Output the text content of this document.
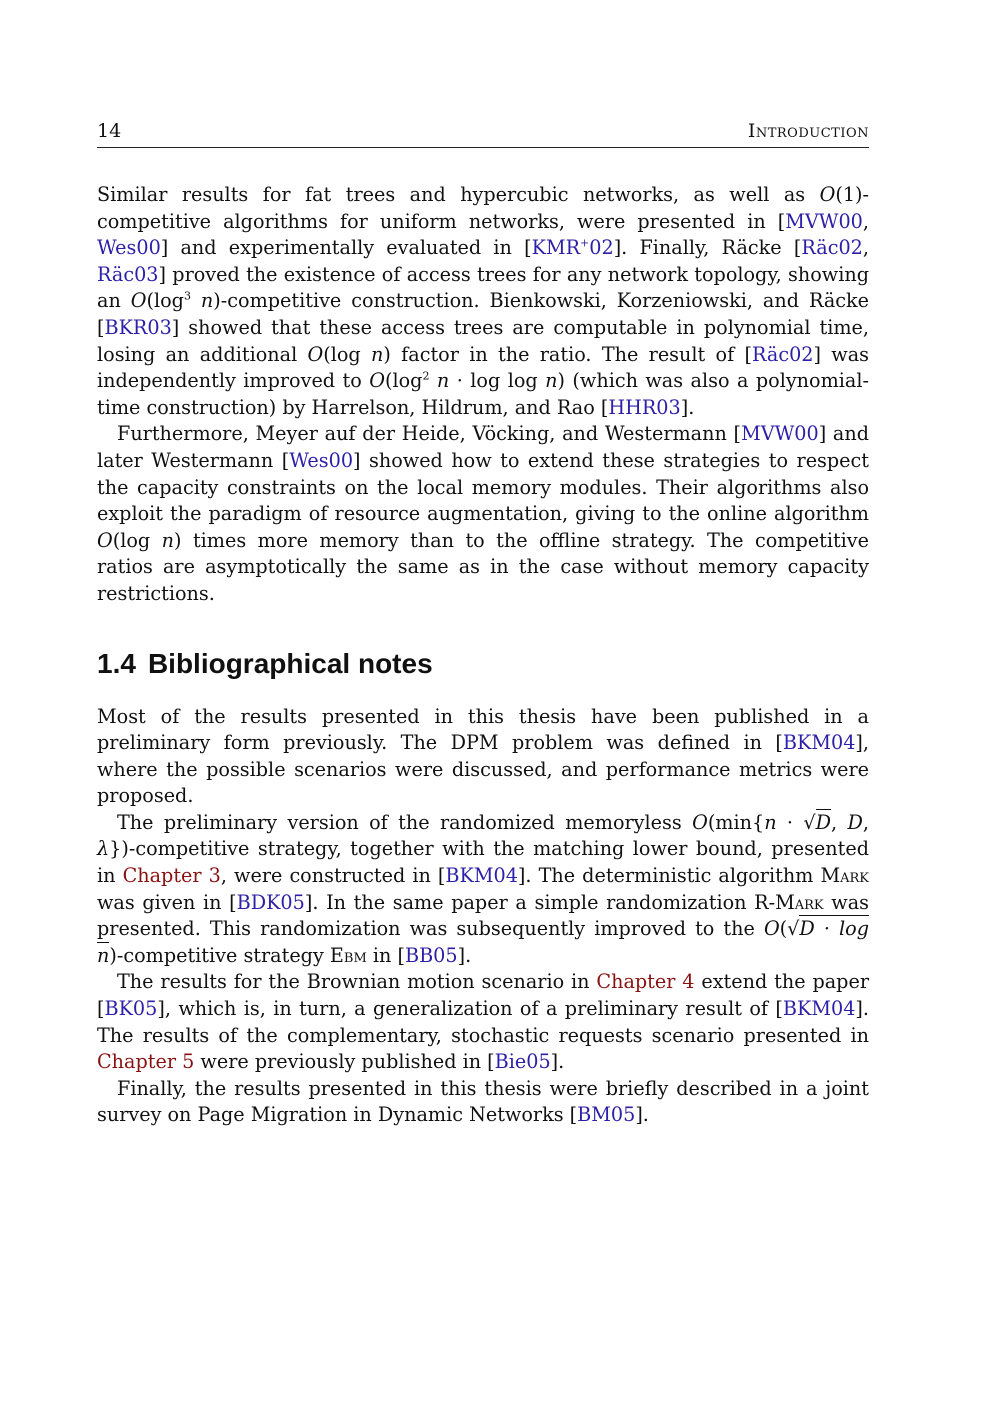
14	Introduction

Similar results for fat trees and hypercubic networks, as well as O(1)-competitive algorithms for uniform networks, were presented in [MVW00, Wes00] and experimentally evaluated in [KMR+02]. Finally, Räcke [Räc02, Räc03] proved the existence of access trees for any network topology, showing an $O(\log^3$ n)-competitive construction. Bienkowski, Korzeniowski, and Räcke [BKR03] showed that these access trees are computable in polynomial time, losing an additional O(log n) factor in the ratio. The result of [Räc02] was independently improved to $O(\log^2$ n · log log n) (which was also a polynomial-time construction) by Harrelson, Hildrum, and Rao [HHR03].

Furthermore, Meyer auf der Heide, Vöcking, and Westermann [MVW00] and later Westermann [Wes00] showed how to extend these strategies to respect the capacity constraints on the local memory modules. Their algorithms also exploit the paradigm of resource augmentation, giving to the online algorithm O(log n) times more memory than to the offline strategy. The competitive ratios are asymptotically the same as in the case without memory capacity restrictions.

1.4 Bibliographical notes

Most of the results presented in this thesis have been published in a preliminary form previously. The DPM problem was defined in [BKM04], where the possible scenarios were discussed, and performance metrics were proposed.

The preliminary version of the randomized memoryless O(min{n · √D, D, λ})-competitive strategy, together with the matching lower bound, presented in Chapter 3, were constructed in [BKM04]. The deterministic algorithm Mark was given in [BDK05]. In the same paper a simple randomization R-Mark was presented. This randomization was subsequently improved to the O(√D · log n)-competitive strategy Ebm in [BB05].

The results for the Brownian motion scenario in Chapter 4 extend the paper [BK05], which is, in turn, a generalization of a preliminary result of [BKM04]. The results of the complementary, stochastic requests scenario presented in Chapter 5 were previously published in [Bie05].

Finally, the results presented in this thesis were briefly described in a joint survey on Page Migration in Dynamic Networks [BM05].
